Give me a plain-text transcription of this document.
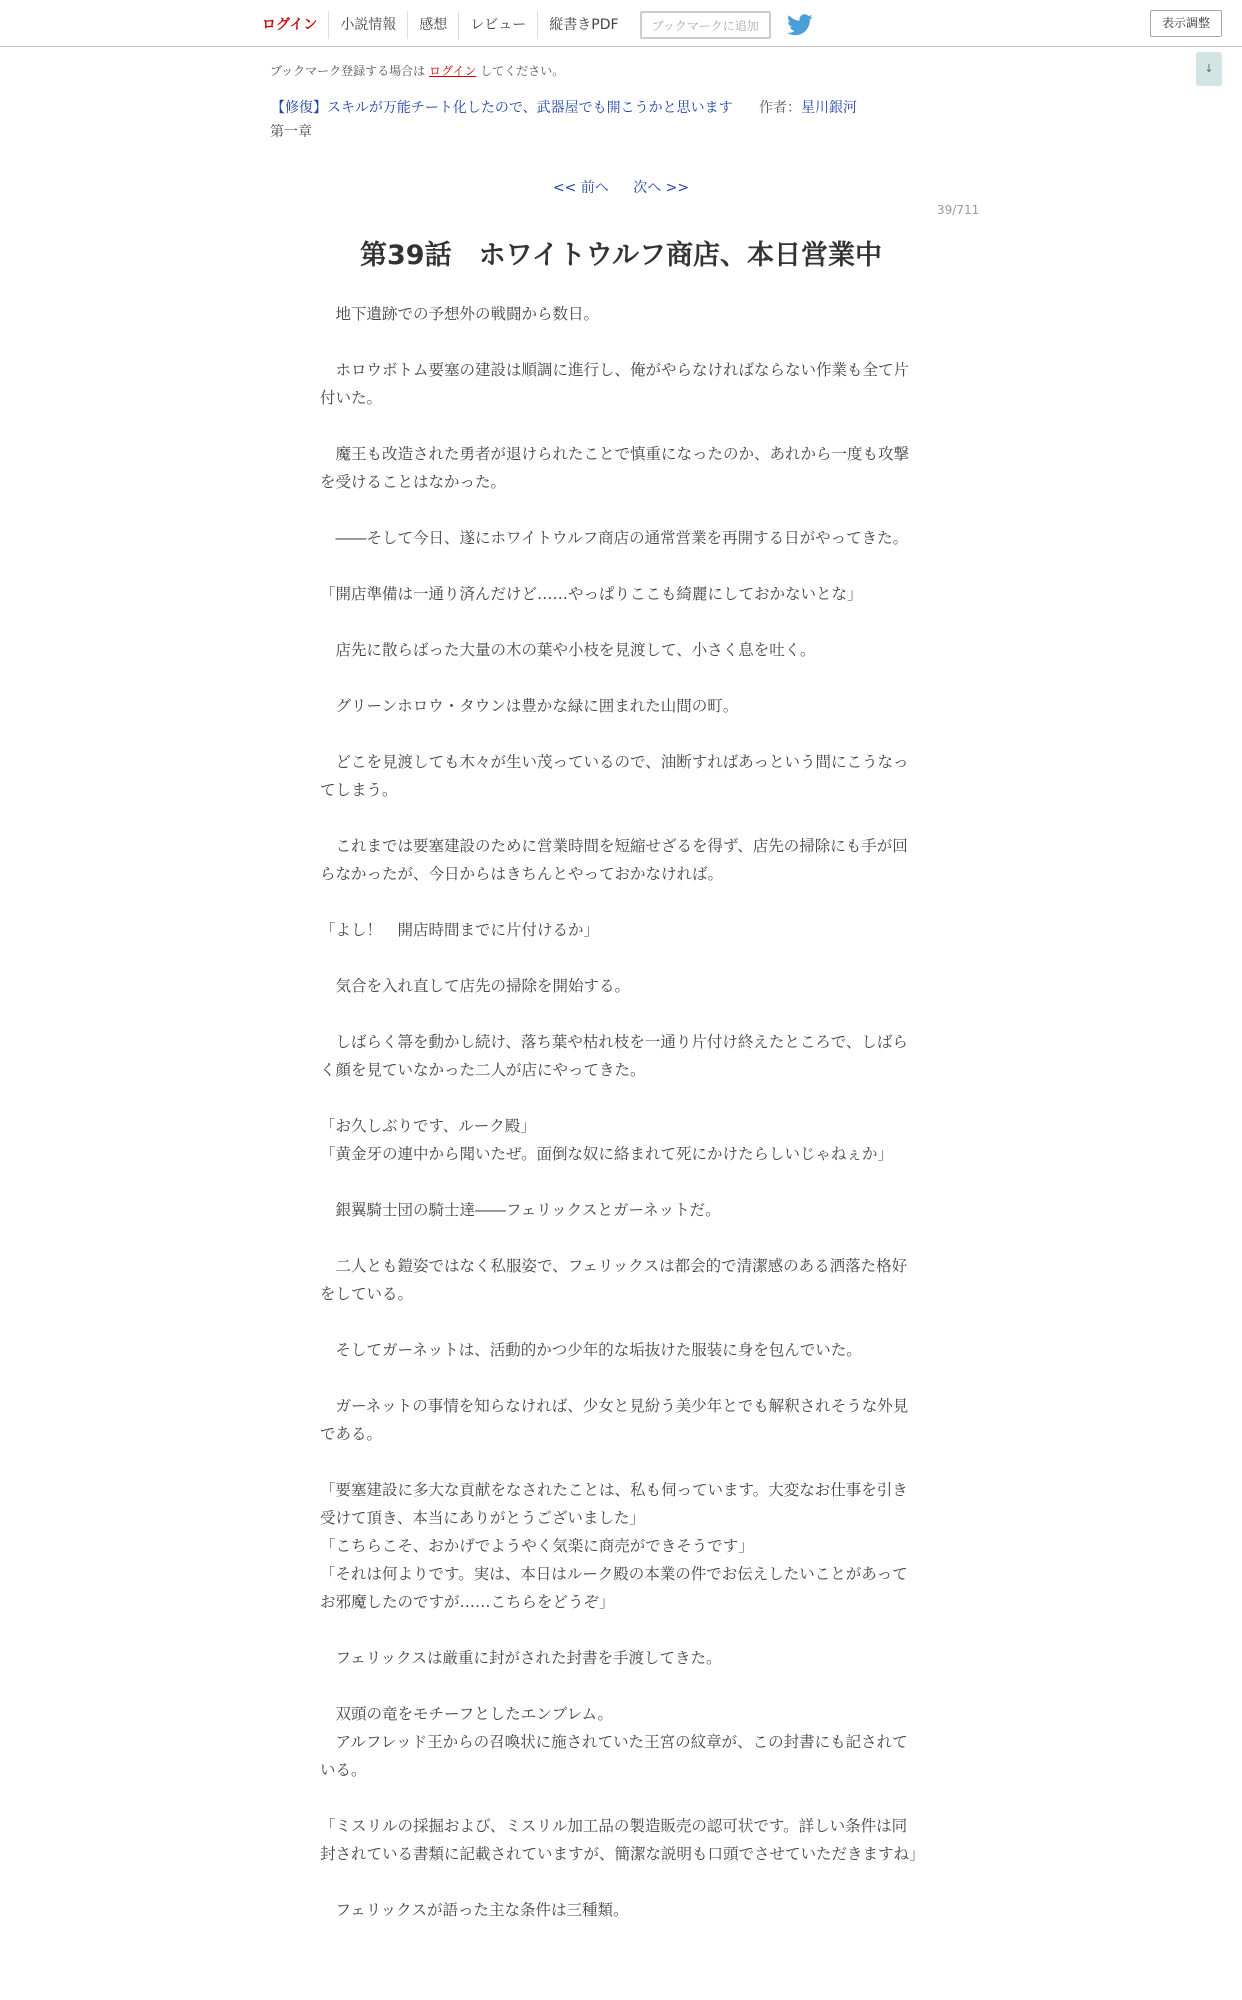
ログイン	小説情報	感想	レビュー	縦書きPDF	ブックマークに追加	表示調整
↓
ブックマーク登録する場合は ログイン してください。
【修復】スキルが万能チート化したので、武器屋でも開こうかと思います 作者：星川銀河
第一章
<< 前へ 次へ >>
39/711
第39話　ホワイトウルフ商店、本日営業中

　地下遺跡での予想外の戦闘から数日。

　ホロウボトム要塞の建設は順調に進行し、俺がやらなければならない作業も全て片付いた。

　魔王も改造された勇者が退けられたことで慎重になったのか、あれから一度も攻撃を受けることはなかった。

　――そして今日、遂にホワイトウルフ商店の通常営業を再開する日がやってきた。

「開店準備は一通り済んだけど……やっぱりここも綺麗にしておかないとな」

　店先に散らばった大量の木の葉や小枝を見渡して、小さく息を吐く。

　グリーンホロウ・タウンは豊かな緑に囲まれた山間の町。

　どこを見渡しても木々が生い茂っているので、油断すればあっという間にこうなってしまう。

　これまでは要塞建設のために営業時間を短縮せざるを得ず、店先の掃除にも手が回らなかったが、今日からはきちんとやっておかなければ。

「よし！　開店時間までに片付けるか」

　気合を入れ直して店先の掃除を開始する。

　しばらく箒を動かし続け、落ち葉や枯れ枝を一通り片付け終えたところで、しばらく顔を見ていなかった二人が店にやってきた。

「お久しぶりです、ルーク殿」
「黄金牙の連中から聞いたぜ。面倒な奴に絡まれて死にかけたらしいじゃねぇか」

　銀翼騎士団の騎士達――フェリックスとガーネットだ。

　二人とも鎧姿ではなく私服姿で、フェリックスは都会的で清潔感のある洒落た格好をしている。

　そしてガーネットは、活動的かつ少年的な垢抜けた服装に身を包んでいた。

　ガーネットの事情を知らなければ、少女と見紛う美少年とでも解釈されそうな外見である。

「要塞建設に多大な貢献をなされたことは、私も伺っています。大変なお仕事を引き受けて頂き、本当にありがとうございました」
「こちらこそ、おかげでようやく気楽に商売ができそうです」
「それは何よりです。実は、本日はルーク殿の本業の件でお伝えしたいことがあってお邪魔したのですが……こちらをどうぞ」

　フェリックスは厳重に封がされた封書を手渡してきた。

　双頭の竜をモチーフとしたエンブレム。
　アルフレッド王からの召喚状に施されていた王宮の紋章が、この封書にも記されている。

「ミスリルの採掘および、ミスリル加工品の製造販売の認可状です。詳しい条件は同封されている書類に記載されていますが、簡潔な説明も口頭でさせていただきますね」

　フェリックスが語った主な条件は三種類。
